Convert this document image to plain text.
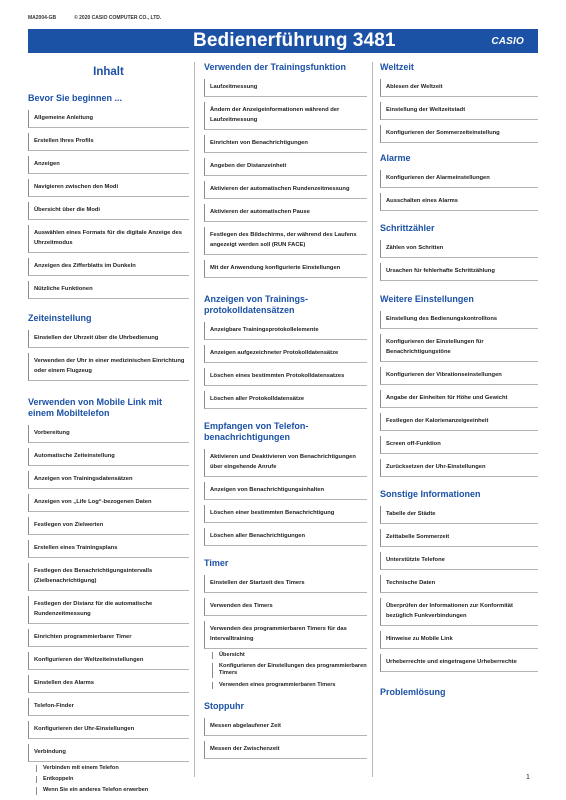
MA2004-GB	© 2020 CASIO COMPUTER CO., LTD.
Bedienerführung 3481	CASIO
Inhalt
Bevor Sie beginnen ...
Allgemeine Anleitung
Erstellen Ihres Profils
Anzeigen
Navigieren zwischen den Modi
Übersicht über die Modi
Auswählen eines Formats für die digitale Anzeige des Uhrzeitmodus
Anzeigen des Zifferblatts im Dunkeln
Nützliche Funktionen
Zeiteinstellung
Einstellen der Uhrzeit über die Uhrbedienung
Verwenden der Uhr in einer medizinischen Einrichtung oder einem Flugzeug
Verwenden von Mobile Link mit einem Mobiltelefon
Vorbereitung
Automatische Zeiteinstellung
Anzeigen von Trainingsdatensätzen
Anzeigen von „Life Log“-bezogenen Daten
Festlegen von Zielwerten
Erstellen eines Trainingsplans
Festlegen des Benachrichtigungsintervalls (Zielbenachrichtigung)
Festlegen der Distanz für die automatische Rundenzeitmessung
Einrichten programmierbarer Timer
Konfigurieren der Weltzeiteinstellungen
Einstellen des Alarms
Telefon-Finder
Konfigurieren der Uhr-Einstellungen
Verbindung
Verbinden mit einem Telefon
Entkoppeln
Wenn Sie ein anderes Telefon erwerben
Verwenden der Trainingsfunktion
Laufzeitmessung
Ändern der Anzeigeinformationen während der Laufzeitmessung
Einrichten von Benachrichtigungen
Angeben der Distanzeinheit
Aktivieren der automatischen Rundenzeitmessung
Aktivieren der automatischen Pause
Festlegen des Bildschirms, der während des Laufens angezeigt werden soll (RUN FACE)
Mit der Anwendung konfigurierte Einstellungen
Anzeigen von Trainings-protokolldatensätzen
Anzeigbare Trainingsprotokollelemente
Anzeigen aufgezeichneter Protokolldatensätze
Löschen eines bestimmten Protokolldatensatzes
Löschen aller Protokolldatensätze
Empfangen von Telefon-benachrichtigungen
Aktivieren und Deaktivieren von Benachrichtigungen über eingehende Anrufe
Anzeigen von Benachrichtigungsinhalten
Löschen einer bestimmten Benachrichtigung
Löschen aller Benachrichtigungen
Timer
Einstellen der Startzeit des Timers
Verwenden des Timers
Verwenden des programmierbaren Timers für das Intervalltraining
Übersicht
Konfigurieren der Einstellungen des programmierbaren Timers
Verwenden eines programmierbaren Timers
Stoppuhr
Messen abgelaufener Zeit
Messen der Zwischenzeit
Weltzeit
Ablesen der Weltzeit
Einstellung der Weltzeitstadt
Konfigurieren der Sommerzeiteinstellung
Alarme
Konfigurieren der Alarmeinstellungen
Ausschalten eines Alarms
Schrittzähler
Zählen von Schritten
Ursachen für fehlerhafte Schrittzählung
Weitere Einstellungen
Einstellung des Bedienungskontrolltons
Konfigurieren der Einstellungen für Benachrichtigungstöne
Konfigurieren der Vibrationseinstellungen
Angabe der Einheiten für Höhe und Gewicht
Festlegen der Kalorienanzeigeeinheit
Screen off-Funktion
Zurücksetzen der Uhr-Einstellungen
Sonstige Informationen
Tabelle der Städte
Zeittabelle Sommerzeit
Unterstützte Telefone
Technische Daten
Überprüfen der Informationen zur Konformität bezüglich Funkverbindungen
Hinweise zu Mobile Link
Urheberrechte und eingetragene Urheberrechte
Problemlösung
1
